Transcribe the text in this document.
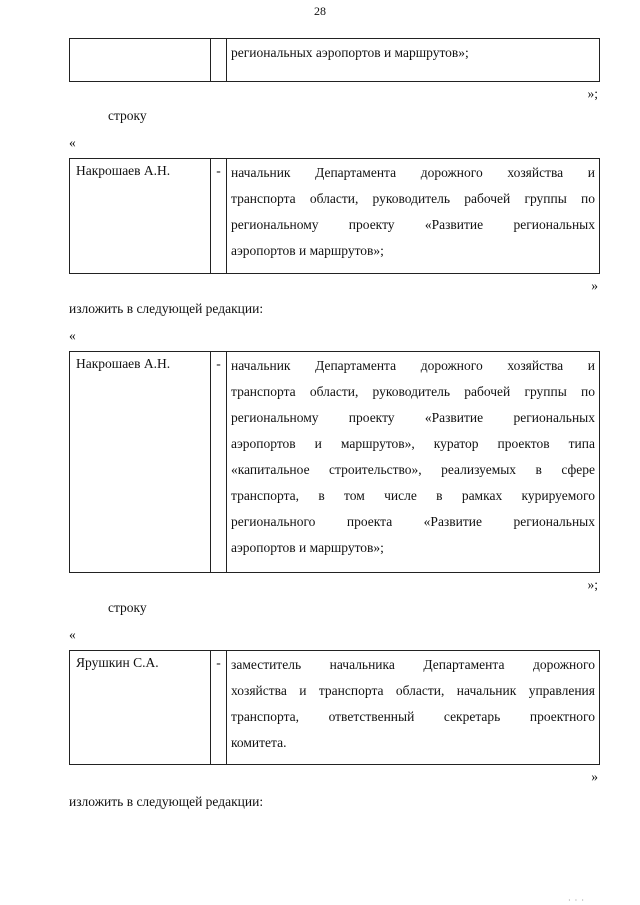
28
региональных аэропортов и маршрутов»;
»;
строку
«
Накрошаев А.Н.	- начальник Департамента дорожного хозяйства и
транспорта области, руководитель рабочей группы по
региональному проекту «Развитие региональных
аэропортов и маршрутов»;
»
изложить в следующей редакции:
«
Накрошаев А.Н.	- начальник Департамента дорожного хозяйства и
транспорта области, руководитель рабочей группы по
региональному проекту «Развитие региональных
аэропортов и маршрутов», куратор проектов типа
«капитальное строительство», реализуемых в сфере
транспорта, в том числе в рамках курируемого
регионального проекта «Развитие региональных
аэропортов и маршрутов»;
»;
строку
«
Ярушкин С.А.	- заместитель начальника Департамента дорожного
хозяйства и транспорта области, начальник управления
транспорта, ответственный секретарь проектного
комитета.
»
изложить в следующей редакции:
· · ·
